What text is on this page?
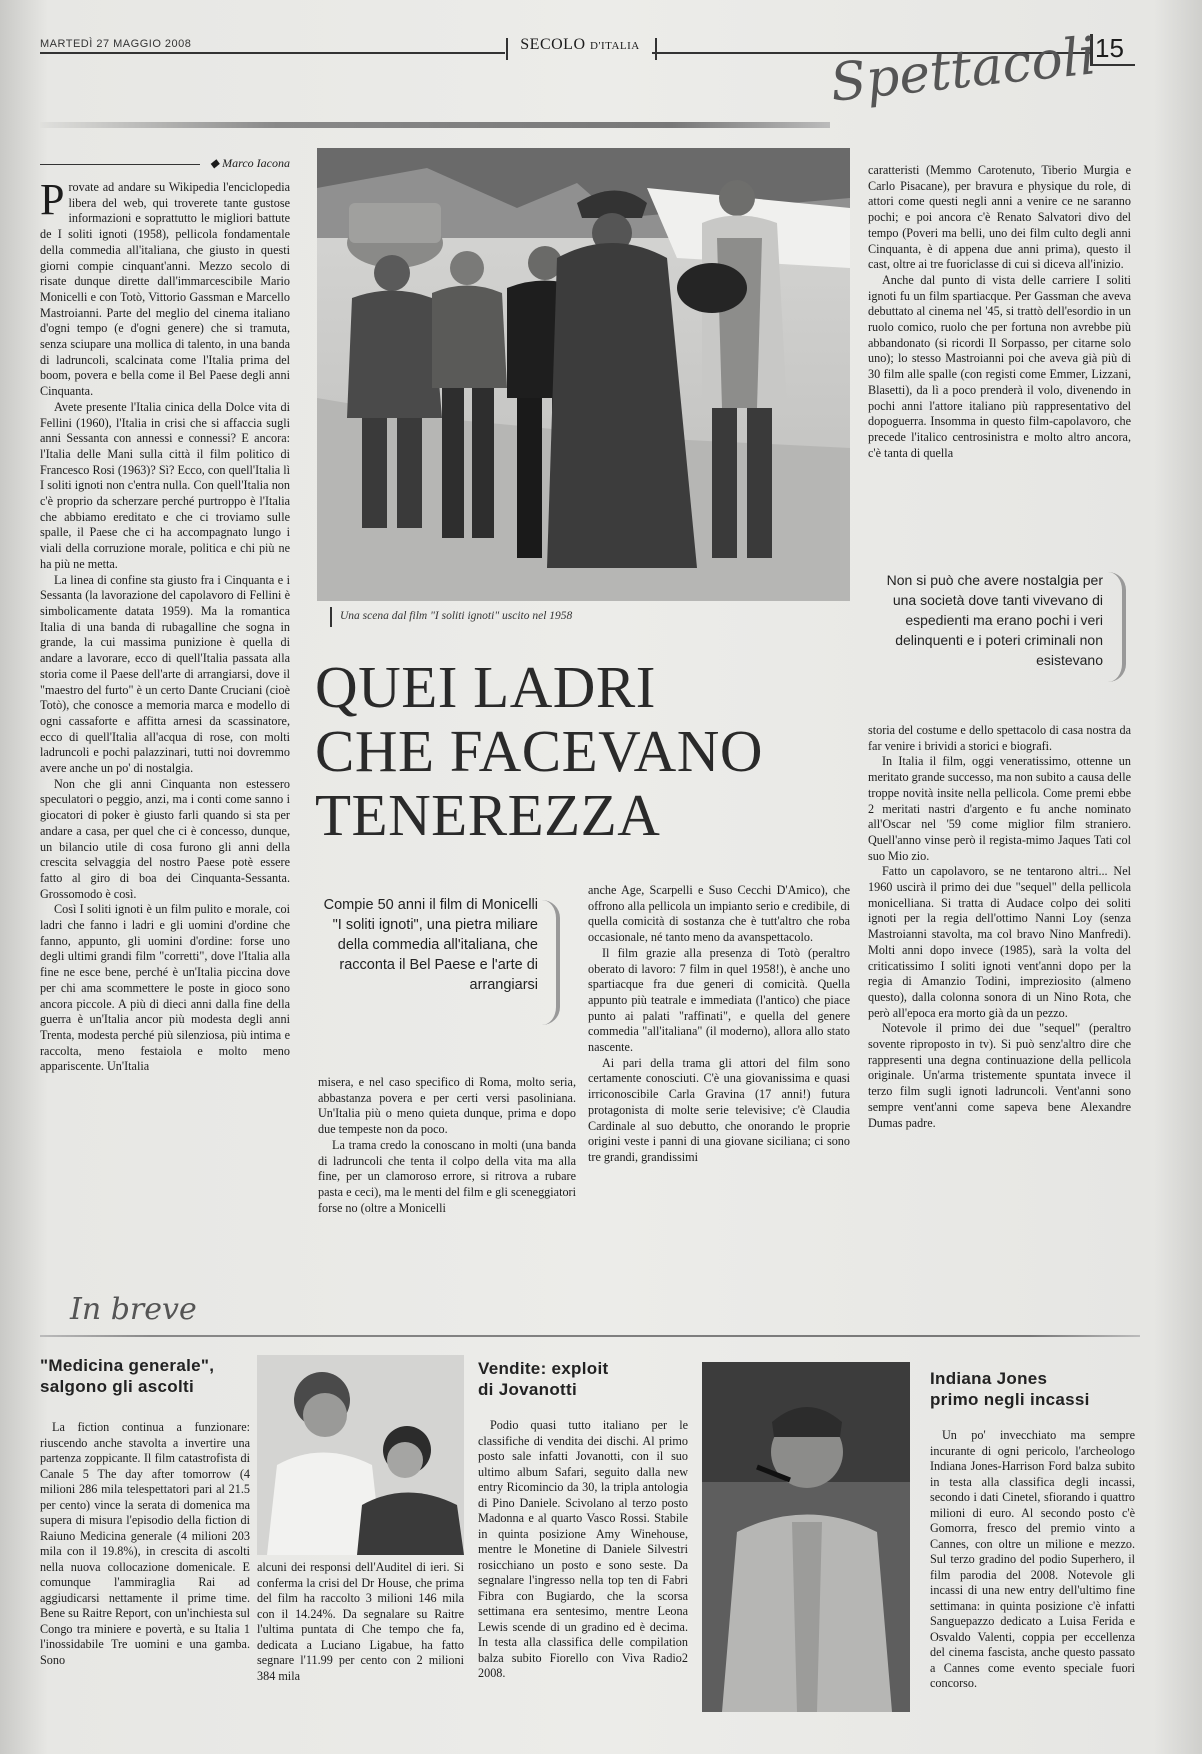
MARTEDÌ 27 MAGGIO 2008	SECOLO D'ITALIA	15
Spettacoli
◆ Marco Iacona

Provate ad andare su Wikipedia l'enciclopedia libera del web, qui troverete tante gustose informazioni e soprattutto le migliori battute de I soliti ignoti (1958), pellicola fondamentale della commedia all'italiana, che giusto in questi giorni compie cinquant'anni. Mezzo secolo di risate dunque dirette dall'immarcescibile Mario Monicelli e con Totò, Vittorio Gassman e Marcello Mastroianni. Parte del meglio del cinema italiano d'ogni tempo (e d'ogni genere) che si tramuta, senza sciupare una mollica di talento, in una banda di ladruncoli, scalcinata come l'Italia prima del boom, povera e bella come il Bel Paese degli anni Cinquanta.

Avete presente l'Italia cinica della Dolce vita di Fellini (1960), l'Italia in crisi che si affaccia sugli anni Sessanta con annessi e connessi? E ancora: l'Italia delle Mani sulla città il film politico di Francesco Rosi (1963)? Sì? Ecco, con quell'Italia lì I soliti ignoti non c'entra nulla. Con quell'Italia non c'è proprio da scherzare perché purtroppo è l'Italia che abbiamo ereditato e che ci troviamo sulle spalle, il Paese che ci ha accompagnato lungo i viali della corruzione morale, politica e chi più ne ha più ne metta.

La linea di confine sta giusto fra i Cinquanta e i Sessanta (la lavorazione del capolavoro di Fellini è simbolicamente datata 1959). Ma la romantica Italia di una banda di rubagalline che sogna in grande, la cui massima punizione è quella di andare a lavorare, ecco di quell'Italia passata alla storia come il Paese dell'arte di arrangiarsi, dove il "maestro del furto" è un certo Dante Cruciani (cioè Totò), che conosce a memoria marca e modello di ogni cassaforte e affitta arnesi da scassinatore, ecco di quell'Italia all'acqua di rose, con molti ladruncoli e pochi palazzinari, tutti noi dovremmo avere anche un po' di nostalgia.

Non che gli anni Cinquanta non estessero speculatori o peggio, anzi, ma i conti come sanno i giocatori di poker è giusto farli quando si sta per andare a casa, per quel che ci è concesso, dunque, un bilancio utile di cosa furono gli anni della crescita selvaggia del nostro Paese potè essere fatto al giro di boa dei Cinquanta-Sessanta. Grossomodo è così.

Così I soliti ignoti è un film pulito e morale, coi ladri che fanno i ladri e gli uomini d'ordine che fanno, appunto, gli uomini d'ordine: forse uno degli ultimi grandi film "corretti", dove l'Italia alla fine ne esce bene, perché è un'Italia piccina dove per chi ama scommettere le poste in gioco sono ancora piccole. A più di dieci anni dalla fine della guerra è un'Italia ancor più modesta degli anni Trenta, modesta perché più silenziosa, più intima e raccolta, meno festaiola e molto meno appariscente. Un'Italia

Una scena dal film "I soliti ignoti" uscito nel 1958
Non si può che avere nostalgia per una società dove tanti vivevano di espedienti ma erano pochi i veri delinquenti e i poteri criminali non esistevano

caratteristi (Memmo Carotenuto, Tiberio Murgia e Carlo Pisacane), per bravura e physique du role, di attori come questi negli anni a venire ce ne saranno pochi; e poi ancora c'è Renato Salvatori divo del tempo (Poveri ma belli, uno dei film culto degli anni Cinquanta, è di appena due anni prima), questo il cast, oltre ai tre fuoriclasse di cui si diceva all'inizio.

Anche dal punto di vista delle carriere I soliti ignoti fu un film spartiacque. Per Gassman che aveva debuttato al cinema nel '45, si trattò dell'esordio in un ruolo comico, ruolo che per fortuna non avrebbe più abbandonato (si ricordi Il Sorpasso, per citarne solo uno); lo stesso Mastroianni poi che aveva già più di 30 film alle spalle (con registi come Emmer, Lizzani, Blasetti), da lì a poco prenderà il volo, divenendo in pochi anni l'attore italiano più rappresentativo del dopoguerra. Insomma in questo film-capolavoro, che precede l'italico centrosinistra e molto altro ancora, c'è tanta di quella

QUEI LADRI
CHE FACEVANO
TENEREZZA

storia del costume e dello spettacolo di casa nostra da far venire i brividi a storici e biografi.

In Italia il film, oggi veneratissimo, ottenne un meritato grande successo, ma non subito a causa delle troppe novità insite nella pellicola. Come premi ebbe 2 meritati nastri d'argento e fu anche nominato all'Oscar nel '59 come miglior film straniero. Quell'anno vinse però il regista-mimo Jaques Tati col suo Mio zio.

Fatto un capolavoro, se ne tentarono altri... Nel 1960 uscirà il primo dei due "sequel" della pellicola monicelliana. Si tratta di Audace colpo dei soliti ignoti per la regia dell'ottimo Nanni Loy (senza Mastroianni stavolta, ma col bravo Nino Manfredi). Molti anni dopo invece (1985), sarà la volta del criticatissimo I soliti ignoti vent'anni dopo per la regia di Amanzio Todini, impreziosito (almeno questo), dalla colonna sonora di un Nino Rota, che però all'epoca era morto già da un pezzo.

Notevole il primo dei due "sequel" (peraltro sovente riproposto in tv). Si può senz'altro dire che rappresenti una degna continuazione della pellicola originale. Un'arma tristemente spuntata invece il terzo film sugli ignoti ladruncoli. Vent'anni sono sempre vent'anni come sapeva bene Alexandre Dumas padre.

Compie 50 anni il film di Monicelli "I soliti ignoti", una pietra miliare della commedia all'italiana, che racconta il Bel Paese e l'arte di arrangiarsi

misera, e nel caso specifico di Roma, molto seria, abbastanza povera e per certi versi pasoliniana. Un'Italia più o meno quieta dunque, prima e dopo due tempeste non da poco.

La trama credo la conoscano in molti (una banda di ladruncoli che tenta il colpo della vita ma alla fine, per un clamoroso errore, si ritrova a rubare pasta e ceci), ma le menti del film e gli sceneggiatori forse no (oltre a Monicelli

anche Age, Scarpelli e Suso Cecchi D'Amico), che offrono alla pellicola un impianto serio e credibile, di quella comicità di sostanza che è tutt'altro che roba occasionale, né tanto meno da avanspettacolo.

Il film grazie alla presenza di Totò (peraltro oberato di lavoro: 7 film in quel 1958!), è anche uno spartiacque fra due generi di comicità. Quella appunto più teatrale e immediata (l'antico) che piace punto ai palati "raffinati", e quella del genere commedia "all'italiana" (il moderno), allora allo stato nascente.

Ai pari della trama gli attori del film sono certamente conosciuti. C'è una giovanissima e quasi irriconoscibile Carla Gravina (17 anni!) futura protagonista di molte serie televisive; c'è Claudia Cardinale al suo debutto, che onorando le proprie origini veste i panni di una giovane siciliana; ci sono tre grandi, grandissimi

In breve
"Medicina generale",
salgono gli ascolti

La fiction continua a funzionare: riuscendo anche stavolta a invertire una partenza zoppicante. Il film catastrofista di Canale 5 The day after tomorrow (4 milioni 286 mila telespettatori pari al 21.5 per cento) vince la serata di domenica ma supera di misura l'episodio della fiction di Raiuno Medicina generale (4 milioni 203 mila con il 19.8%), in crescita di ascolti nella nuova collocazione domenicale. E comunque l'ammiraglia Rai ad aggiudicarsi nettamente il prime time. Bene su Raitre Report, con un'inchiesta sul Congo tra miniere e povertà, e su Italia 1 l'inossidabile Tre uomini e una gamba. Sono

alcuni dei responsi dell'Auditel di ieri. Si conferma la crisi del Dr House, che prima del film ha raccolto 3 milioni 146 mila con il 14.24%. Da segnalare su Raitre l'ultima puntata di Che tempo che fa, dedicata a Luciano Ligabue, ha fatto segnare l'11.99 per cento con 2 milioni 384 mila

Vendite: exploit
di Jovanotti

Podio quasi tutto italiano per le classifiche di vendita dei dischi. Al primo posto sale infatti Jovanotti, con il suo ultimo album Safari, seguito dalla new entry Ricomincio da 30, la tripla antologia di Pino Daniele. Scivolano al terzo posto Madonna e al quarto Vasco Rossi. Stabile in quinta posizione Amy Winehouse, mentre le Monetine di Daniele Silvestri rosicchiano un posto e sono seste. Da segnalare l'ingresso nella top ten di Fabri Fibra con Bugiardo, che la scorsa settimana era sentesimo, mentre Leona Lewis scende di un gradino ed è decima. In testa alla classifica delle compilation balza subito Fiorello con Viva Radio2 2008.

Indiana Jones
primo negli incassi

Un po' invecchiato ma sempre incurante di ogni pericolo, l'archeologo Indiana Jones-Harrison Ford balza subito in testa alla classifica degli incassi, secondo i dati Cinetel, sfiorando i quattro milioni di euro. Al secondo posto c'è Gomorra, fresco del premio vinto a Cannes, con oltre un milione e mezzo. Sul terzo gradino del podio Superhero, il film parodia del 2008. Notevole gli incassi di una new entry dell'ultimo fine settimana: in quinta posizione c'è infatti Sanguepazzo dedicato a Luisa Ferida e Osvaldo Valenti, coppia per eccellenza del cinema fascista, anche questo passato a Cannes come evento speciale fuori concorso.
